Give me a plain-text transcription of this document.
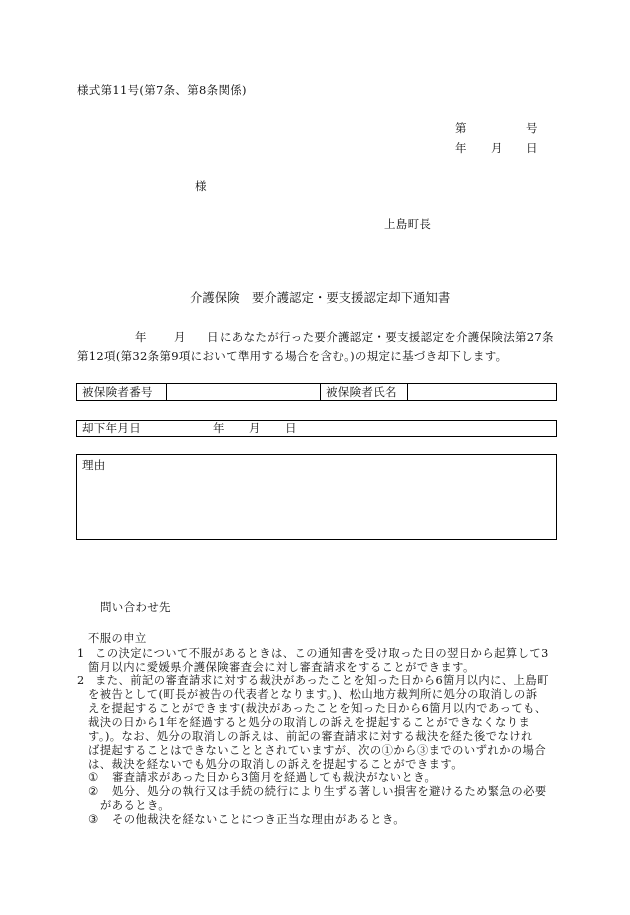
様式第11号(第7条、第8条関係)
第	号
年 月 日
様
上島町長
介護保険　要介護認定・要支援認定却下通知書
年 月 日 にあなたが行った要介護認定・要支援認定を介護保険法第27条
第12項(第32条第9項において準用する場合を含む。)の規定に基づき却下します。
被保険者番号	被保険者氏名
却下年月日	年 月 日
理由
問い合わせ先
不服の申立
1 この決定について不服があるときは、この通知書を受け取った日の翌日から起算して3
箇月以内に愛媛県介護保険審査会に対し審査請求をすることができます。
2 また、前記の審査請求に対する裁決があったことを知った日から6箇月以内に、上島町
を被告として(町長が被告の代表者となります。)、松山地方裁判所に処分の取消しの訴
えを提起することができます(裁決があったことを知った日から6箇月以内であっても、
裁決の日から1年を経過すると処分の取消しの訴えを提起することができなくなりま
す。)。なお、処分の取消しの訴えは、前記の審査請求に対する裁決を経た後でなけれ
ば提起することはできないこととされていますが、次の①から③までのいずれかの場合
は、裁決を経ないでも処分の取消しの訴えを提起することができます。
① 審査請求があった日から3箇月を経過しても裁決がないとき。
② 処分、処分の執行又は手続の続行により生ずる著しい損害を避けるため緊急の必要
があるとき。
③ その他裁決を経ないことにつき正当な理由があるとき。
